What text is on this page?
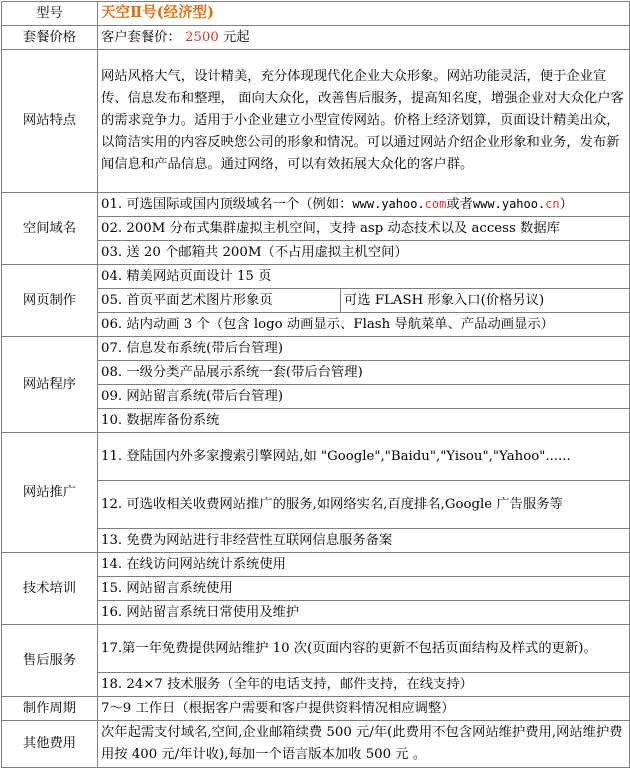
型号	天空Ⅱ号(经济型)	
套餐价格	客户套餐价： 2500 元起	
网站特点	网站风格大气，设计精美，充分体现现代化企业大众形象。网站功能灵活，便于企业宣传、信息发布和整理， 面向大众化，改善售后服务，提高知名度，增强企业对大众化户客的需求竞争力。适用于小企业建立小型宣传网站。价格上经济划算，页面设计精美出众，以简洁实用的内容反映您公司的形象和情况。可以通过网站介绍企业形象和业务，发布新闻信息和产品信息。通过网络，可以有效拓展大众化的客户群。	
空间域名	01. 可选国际或国内顶级域名一个（例如：www.yahoo.com或者www.yahoo.cn）	
	02. 200M 分布式集群虚拟主机空间，支持 asp 动态技术以及 access 数据库	
	03. 送 20 个邮箱共 200M（不占用虚拟主机空间）	
网页制作	04. 精美网站页面设计 15 页	
	05. 首页平面艺术图片形象页	可选 FLASH 形象入口(价格另议)
	06. 站内动画 3 个（包含 logo 动画显示、Flash 导航菜单、产品动画显示）	
网站程序	07. 信息发布系统(带后台管理)	
	08. 一级分类产品展示系统一套(带后台管理)	
	09. 网站留言系统(带后台管理)	
	10. 数据库备份系统	
网站推广	11. 登陆国内外多家搜索引擎网站,如 "Google","Baidu","Yisou","Yahoo"......	
	12. 可选收相关收费网站推广的服务,如网络实名,百度排名,Google 广告服务等	
	13. 免费为网站进行非经营性互联网信息服务备案	
技术培训	14. 在线访问网站统计系统使用	
	15. 网站留言系统使用	
	16. 网站留言系统日常使用及维护	
售后服务	17.第一年免费提供网站维护 10 次(页面内容的更新不包括页面结构及样式的更新)。	
	18. 24×7 技术服务（全年的电话支持，邮件支持，在线支持）	
制作周期	7～9 工作日（根据客户需要和客户提供资料情况相应调整）	
其他费用	次年起需支付域名,空间,企业邮箱续费 500 元/年(此费用不包含网站维护费用,网站维护费用按 400 元/年计收),每加一个语言版本加收 500 元 。	
